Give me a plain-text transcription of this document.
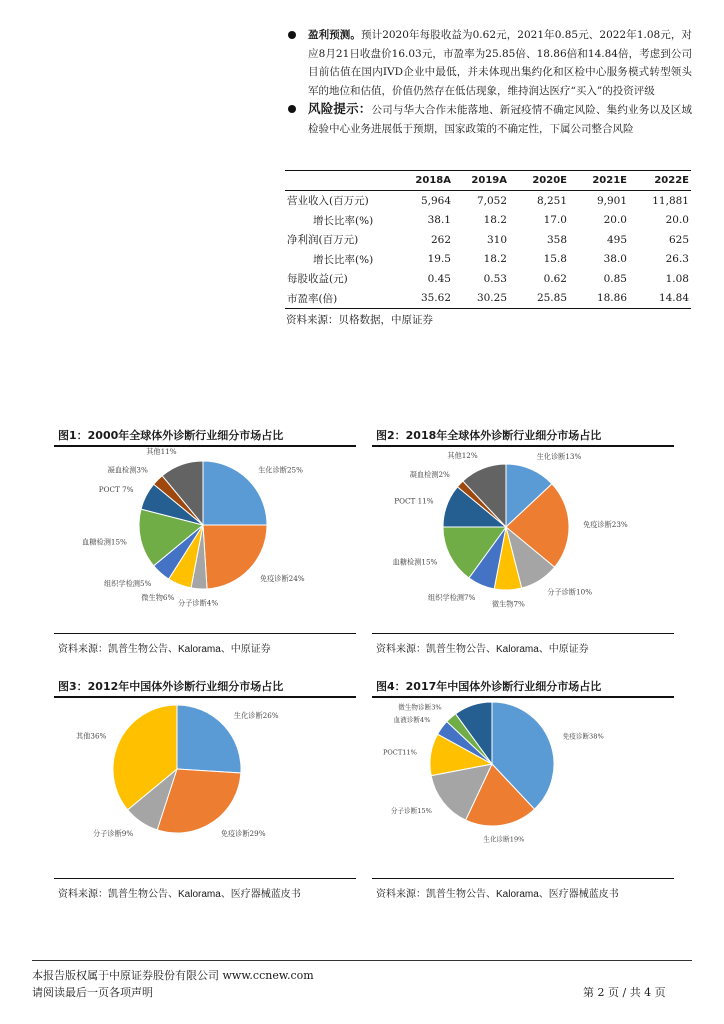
盈利预测。预计2020年每股收益为0.62元，2021年0.85元、2022年1.08元，对应8月21日收盘价16.03元，市盈率为25.85倍、18.86倍和14.84倍，考虑到公司目前估值在国内IVD企业中最低，并未体现出集约化和区检中心服务模式转型领头军的地位和估值，价值仍然存在低估现象，维持润达医疗“买入”的投资评级
风险提示：公司与华大合作未能落地、新冠疫情不确定风险、集约业务以及区域检验中心业务进展低于预期，国家政策的不确定性，下属公司整合风险
	2018A	2019A	2020E	2021E	2022E
营业收入(百万元)	5,964	7,052	8,251	9,901	11,881
增长比率(%)	38.1	18.2	17.0	20.0	20.0
净利润(百万元)	262	310	358	495	625
增长比率(%)	19.5	18.2	15.8	38.0	26.3
每股收益(元)	0.45	0.53	0.62	0.85	1.08
市盈率(倍)	35.62	30.25	25.85	18.86	14.84
资料来源：贝格数据，中原证券
图1：2000年全球体外诊断行业细分市场占比
生化诊断25%
免疫诊断24%
分子诊断4%
微生物6%
组织学检测5%
血糖检测15%
POCT 7%
凝血检测3%
其他11%
资料来源：凯普生物公告、Kalorama、中原证券
图2：2018年全球体外诊断行业细分市场占比
生化诊断13%
免疫诊断23%
分子诊断10%
微生物7%
组织学检测7%
血糖检测15%
POCT 11%
凝血检测2%
其他12%
资料来源：凯普生物公告、Kalorama、中原证券
图3：2012年中国体外诊断行业细分市场占比
生化诊断26%
免疫诊断29%
分子诊断9%
其他36%
资料来源：凯普生物公告、Kalorama、医疗器械蓝皮书
图4：2017年中国体外诊断行业细分市场占比
免疫诊断38%
生化诊断19%
分子诊断15%
POCT11%
血液诊断4%
微生物诊断3%
资料来源：凯普生物公告、Kalorama、医疗器械蓝皮书
本报告版权属于中原证券股份有限公司 www.ccnew.com
请阅读最后一页各项声明	第 2 页 / 共 4 页
